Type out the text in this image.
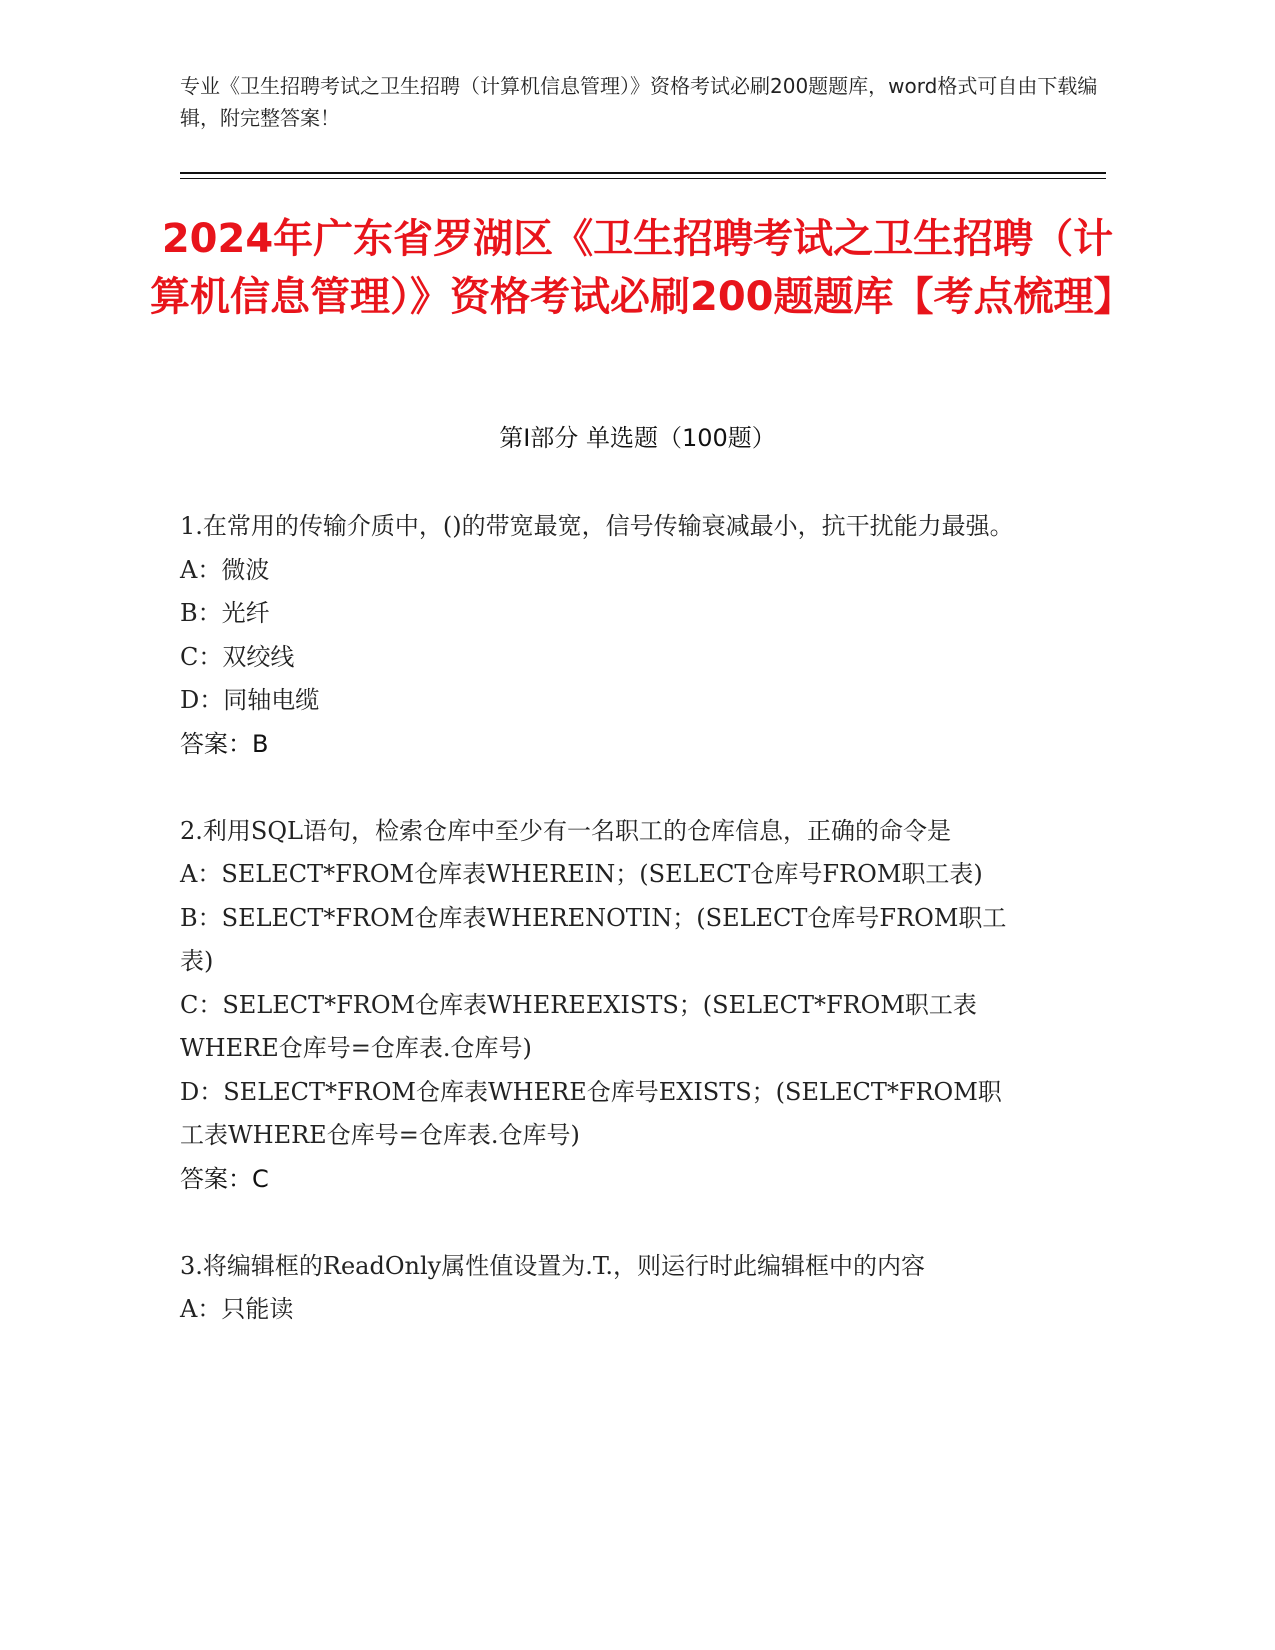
专业《卫生招聘考试之卫生招聘（计算机信息管理）》资格考试必刷200题题库，word格式可自由下载编辑，附完整答案！
2024年广东省罗湖区《卫生招聘考试之卫生招聘（计算机信息管理）》资格考试必刷200题题库【考点梳理】
第Ⅰ部分 单选题（100题）

1.在常用的传输介质中，()的带宽最宽，信号传输衰减最小，抗干扰能力最强。

A：微波

B：光纤

C：双绞线

D：同轴电缆

答案：B

2.利用SQL语句，检索仓库中至少有一名职工的仓库信息，正确的命令是

A：SELECT*FROM仓库表WHEREIN；(SELECT仓库号FROM职工表)

B：SELECT*FROM仓库表WHERENOTIN；(SELECT仓库号FROM职工表)

C：SELECT*FROM仓库表WHEREEXISTS；(SELECT*FROM职工表WHERE仓库号=仓库表.仓库号)

D：SELECT*FROM仓库表WHERE仓库号EXISTS；(SELECT*FROM职工表WHERE仓库号=仓库表.仓库号)

答案：C

3.将编辑框的ReadOnly属性值设置为.T.，则运行时此编辑框中的内容

A：只能读
